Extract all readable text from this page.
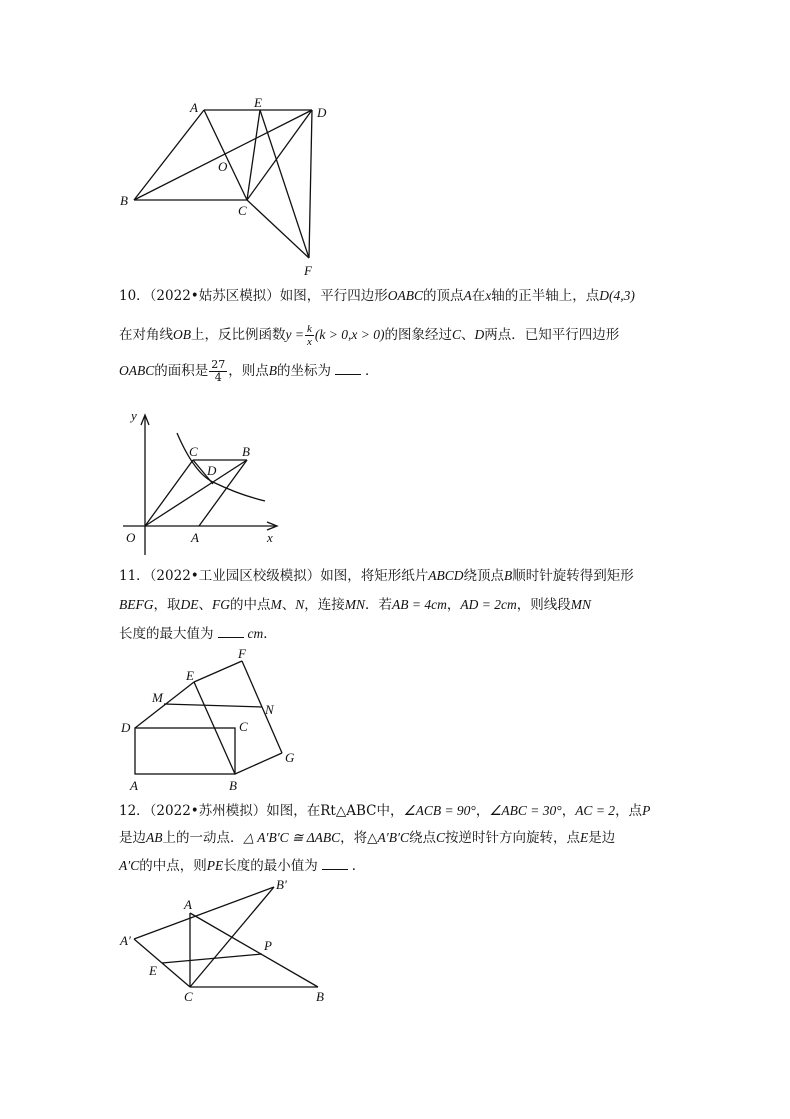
A	E
D
O
B
C
F
10．（2022•姑苏区模拟）如图，平行四边形OABC的顶点A在x轴的正半轴上，点D(4,3)
在对角线OB上，反比例函数$y = \frac{k}{x} (k > 0,x > 0)$的图象经过C、D两点．已知平行四边形
OABC的面积是 $\frac{27}{4}$ ，则点B的坐标为	．
y
x
O	A
C	B
D
11．（2022•工业园区校级模拟）如图，将矩形纸片ABCD绕顶点B顺时针旋转得到矩形
BEFG，取DE、FG的中点M、N，连接MN．若AB = 4cm，AD = 2cm，则线段MN
长度的最大值为	cm．
F
E
M
N
D	C
G
A	B
12．（2022•苏州模拟）如图，在Rt△ABC中，∠ACB = 90°，∠ABC = 30°，AC = 2，点P
是边AB上的一动点．△ A′B′C ≅ ΔABC，将△A′B′C绕点C按逆时针方向旋转，点E是边
A′C的中点，则PE长度的最小值为	．
A
B′
A′	P
E
C	B
